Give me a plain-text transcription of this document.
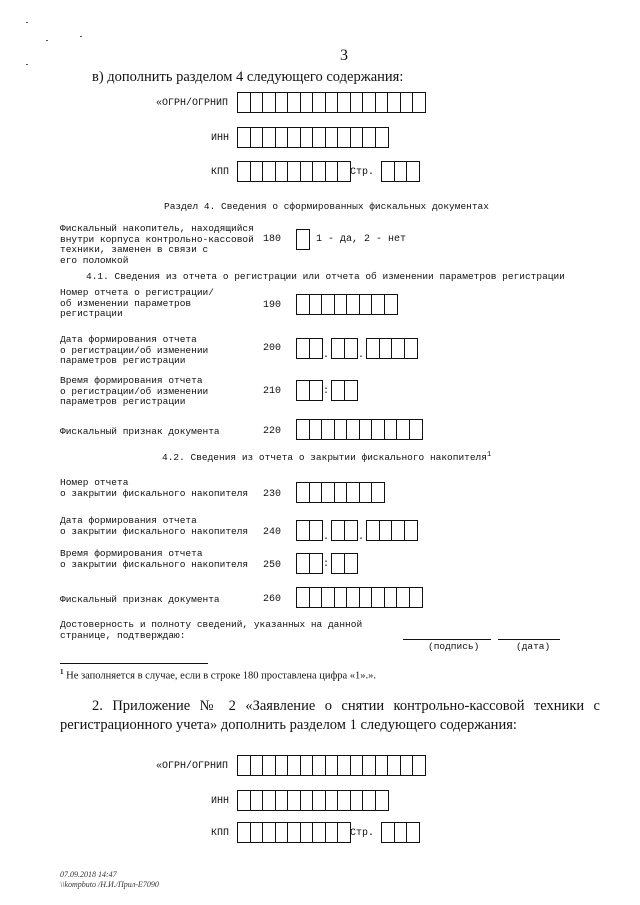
3
в) дополнить разделом 4 следующего содержания:
«ОГРН/ОГРНИП
ИНН
КПП	Стр.
Раздел 4. Сведения о сформированных фискальных документах
Фискальный накопитель, находящийся
внутри корпуса контрольно-кассовой
техники, заменен в связи с
его поломкой
180	1 - да, 2 - нет
4.1. Сведения из отчета о регистрации или отчета об изменении параметров регистрации
Номер отчета о регистрации/
об изменении параметров
регистрации
190
Дата формирования отчета
о регистрации/об изменении
параметров регистрации
200
.	.
Время формирования отчета
о регистрации/об изменении
параметров регистрации
210	:
Фискальный признак документа	220
4.2. Сведения из отчета о закрытии фискального накопителя$^1$
Номер отчета
о закрытии фискального накопителя 230
Дата формирования отчета
о закрытии фискального накопителя 240	.	.
Время формирования отчета
о закрытии фискального накопителя 250	:
Фискальный признак документа	260
Достоверность и полноту сведений, указанных на данной
странице, подтверждаю:
(подпись)	(дата)
$^1$ Не заполняется в случае, если в строке 180 проставлена цифра «1».».
2. Приложение № 2 «Заявление о снятии контрольно-кассовой техники с
регистрационного учета» дополнить разделом 1 следующего содержания:
«ОГРН/ОГРНИП
ИНН
КПП	Стр.
07.09.2018 14:47
\\kompbuto /Н.И./Прил-Е7090
